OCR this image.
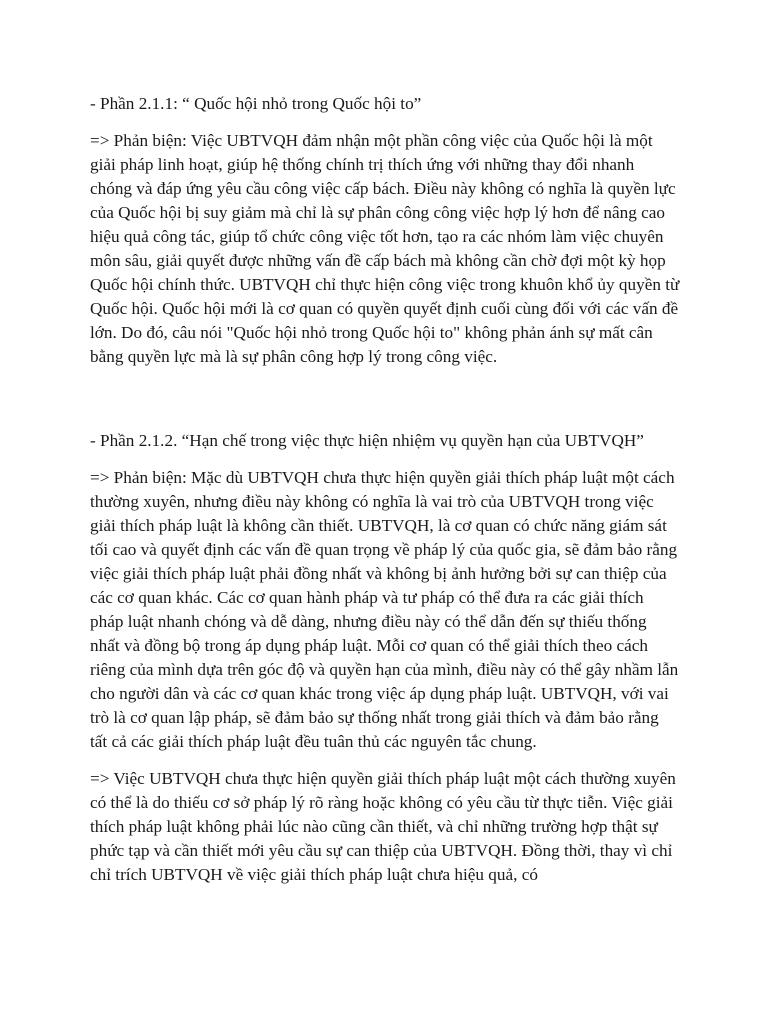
- Phần 2.1.1: “ Quốc hội nhỏ trong Quốc hội to”

=> Phản biện: Việc UBTVQH đảm nhận một phần công việc của Quốc hội là một giải pháp linh hoạt, giúp hệ thống chính trị thích ứng với những thay đổi nhanh chóng và đáp ứng yêu cầu công việc cấp bách. Điều này không có nghĩa là quyền lực của Quốc hội bị suy giảm mà chỉ là sự phân công công việc hợp lý hơn để nâng cao hiệu quả công tác, giúp tổ chức công việc tốt hơn, tạo ra các nhóm làm việc chuyên môn sâu, giải quyết được những vấn đề cấp bách mà không cần chờ đợi một kỳ họp Quốc hội chính thức. UBTVQH chỉ thực hiện công việc trong khuôn khổ ủy quyền từ Quốc hội. Quốc hội mới là cơ quan có quyền quyết định cuối cùng đối với các vấn đề lớn. Do đó, câu nói "Quốc hội nhỏ trong Quốc hội to" không phản ánh sự mất cân bằng quyền lực mà là sự phân công hợp lý trong công việc.

- Phần 2.1.2. “Hạn chế trong việc thực hiện nhiệm vụ quyền hạn của UBTVQH”

=> Phản biện: Mặc dù UBTVQH chưa thực hiện quyền giải thích pháp luật một cách thường xuyên, nhưng điều này không có nghĩa là vai trò của UBTVQH trong việc giải thích pháp luật là không cần thiết. UBTVQH, là cơ quan có chức năng giám sát tối cao và quyết định các vấn đề quan trọng về pháp lý của quốc gia, sẽ đảm bảo rằng việc giải thích pháp luật phải đồng nhất và không bị ảnh hưởng bởi sự can thiệp của các cơ quan khác. Các cơ quan hành pháp và tư pháp có thể đưa ra các giải thích pháp luật nhanh chóng và dễ dàng, nhưng điều này có thể dẫn đến sự thiếu thống nhất và đồng bộ trong áp dụng pháp luật. Mỗi cơ quan có thể giải thích theo cách riêng của mình dựa trên góc độ và quyền hạn của mình, điều này có thể gây nhầm lẫn cho người dân và các cơ quan khác trong việc áp dụng pháp luật. UBTVQH, với vai trò là cơ quan lập pháp, sẽ đảm bảo sự thống nhất trong giải thích và đảm bảo rằng tất cả các giải thích pháp luật đều tuân thủ các nguyên tắc chung.

=> Việc UBTVQH chưa thực hiện quyền giải thích pháp luật một cách thường xuyên có thể là do thiếu cơ sở pháp lý rõ ràng hoặc không có yêu cầu từ thực tiễn. Việc giải thích pháp luật không phải lúc nào cũng cần thiết, và chỉ những trường hợp thật sự phức tạp và cần thiết mới yêu cầu sự can thiệp của UBTVQH. Đồng thời, thay vì chỉ chỉ trích UBTVQH về việc giải thích pháp luật chưa hiệu quả, có
